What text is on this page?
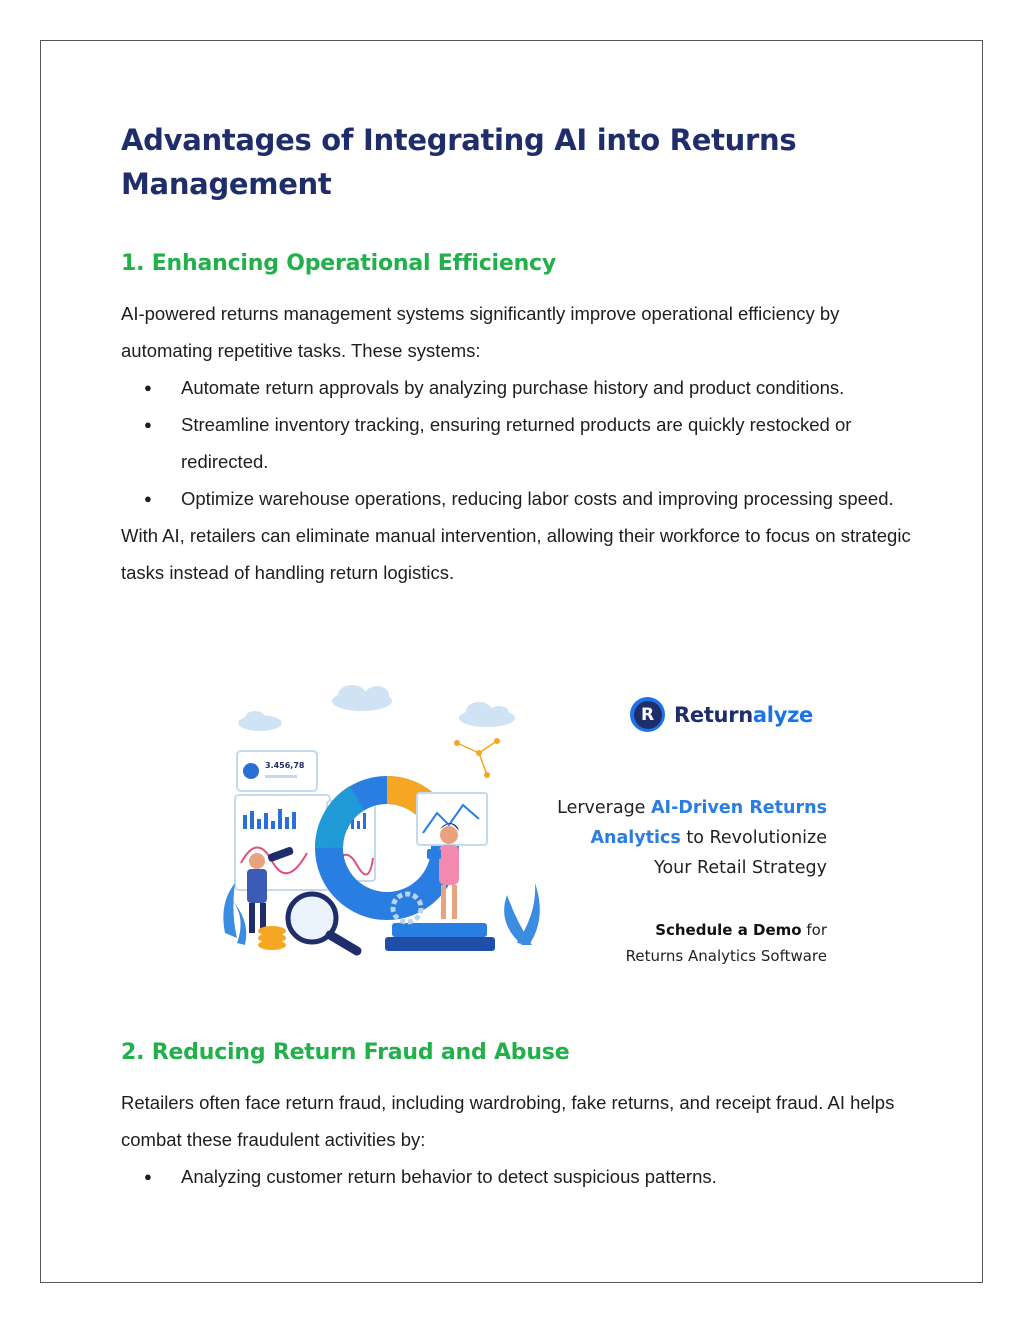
Advantages of Integrating AI into Returns Management
1. Enhancing Operational Efficiency

AI-powered returns management systems significantly improve operational efficiency by automating repetitive tasks. These systems:

● Automate return approvals by analyzing purchase history and product conditions.
● Streamline inventory tracking, ensuring returned products are quickly restocked or redirected.
● Optimize warehouse operations, reducing labor costs and improving processing speed.

With AI, retailers can eliminate manual intervention, allowing their workforce to focus on strategic tasks instead of handling return logistics.

3.456,78
R Returnalyze
Lerverage AI-Driven Returns
Analytics to Revolutionize
Your Retail Strategy
Schedule a Demo for
Returns Analytics Software
2. Reducing Return Fraud and Abuse

Retailers often face return fraud, including wardrobing, fake returns, and receipt fraud. AI helps combat these fraudulent activities by:

● Analyzing customer return behavior to detect suspicious patterns.
